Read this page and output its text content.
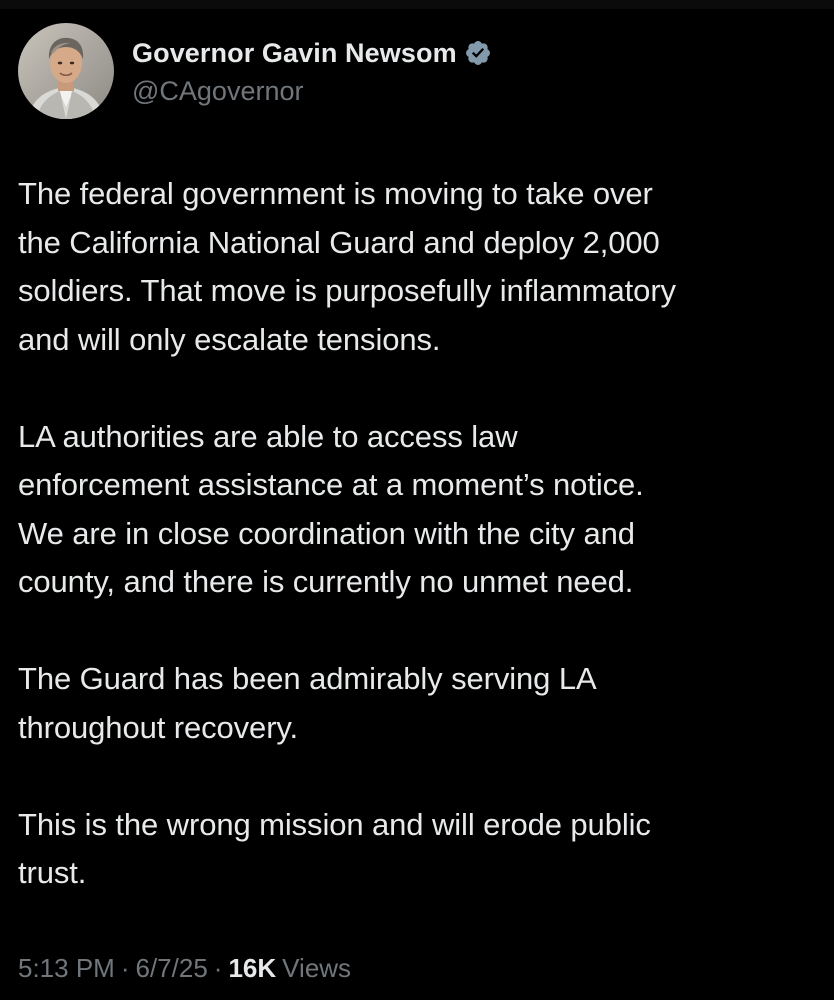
Governor Gavin Newsom
@CAgovernor

The federal government is moving to take over
the California National Guard and deploy 2,000
soldiers. That move is purposefully inflammatory
and will only escalate tensions.

LA authorities are able to access law
enforcement assistance at a moment’s notice.
We are in close coordination with the city and
county, and there is currently no unmet need.

The Guard has been admirably serving LA
throughout recovery.

This is the wrong mission and will erode public
trust.

5:13 PM · 6/7/25 · 16K Views
